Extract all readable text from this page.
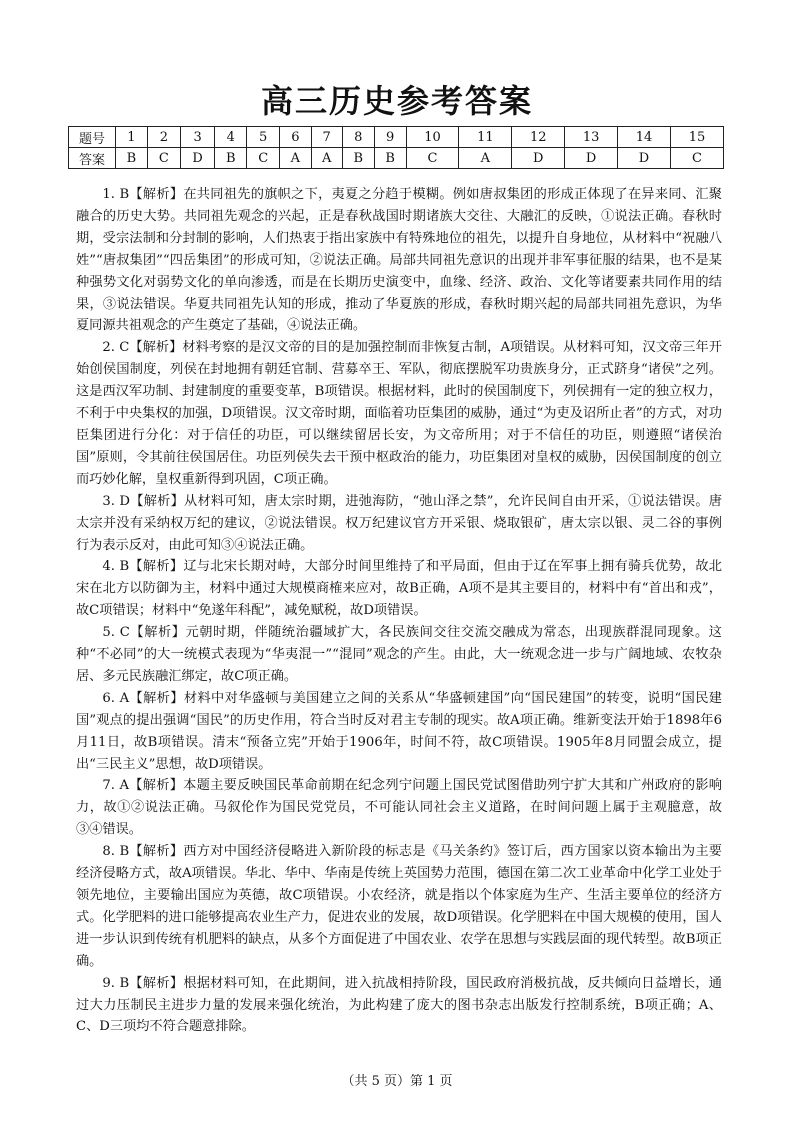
高三历史参考答案
题号	1	2	3	4	5	6	7	8	9	10	11	12	13	14	15
答案	B	C	D	B	C	A	A	B	B	C	A	D	D	D	C

1. B【解析】在共同祖先的旗帜之下，夷夏之分趋于模糊。例如唐叔集团的形成正体现了在异来同、汇聚融合的历史大势。共同祖先观念的兴起，正是春秋战国时期诸族大交往、大融汇的反映，①说法正确。春秋时期，受宗法制和分封制的影响，人们热衷于指出家族中有特殊地位的祖先，以提升自身地位，从材料中“祝融八姓”“唐叔集团”“四岳集团”的形成可知，②说法正确。局部共同祖先意识的出现并非军事征服的结果，也不是某种强势文化对弱势文化的单向渗透，而是在长期历史演变中，血缘、经济、政治、文化等诸要素共同作用的结果，③说法错误。华夏共同祖先认知的形成，推动了华夏族的形成，春秋时期兴起的局部共同祖先意识，为华夏同源共祖观念的产生奠定了基础，④说法正确。

2. C【解析】材料考察的是汉文帝的目的是加强控制而非恢复古制，A项错误。从材料可知，汉文帝三年开始创侯国制度，列侯在封地拥有朝廷官制、营募卒王、军队，彻底摆脱军功贵族身分，正式跻身“诸侯”之列。这是西汉军功制、封建制度的重要变革，B项错误。根据材料，此时的侯国制度下，列侯拥有一定的独立权力，不利于中央集权的加强，D项错误。汉文帝时期，面临着功臣集团的威胁，通过“为吏及诏所止者”的方式，对功臣集团进行分化：对于信任的功臣，可以继续留居长安，为文帝所用；对于不信任的功臣，则遵照“诸侯治国”原则，令其前往侯国居住。功臣列侯失去干预中枢政治的能力，功臣集团对皇权的威胁，因侯国制度的创立而巧妙化解，皇权重新得到巩固，C项正确。

3. D【解析】从材料可知，唐太宗时期，进弛海防，“弛山泽之禁”，允许民间自由开采，①说法错误。唐太宗并没有采纳权万纪的建议，②说法错误。权万纪建议官方开采银、烧取银矿，唐太宗以银、灵二谷的事例行为表示反对，由此可知③④说法正确。

4. B【解析】辽与北宋长期对峙，大部分时间里维持了和平局面，但由于辽在军事上拥有骑兵优势，故北宋在北方以防御为主，材料中通过大规模商榷来应对，故B正确，A项不是其主要目的，材料中有“首出和戎”，故C项错误；材料中“免遂年科配”，减免赋税，故D项错误。

5. C【解析】元朝时期，伴随统治疆域扩大，各民族间交往交流交融成为常态，出现族群混同现象。这种“不必同”的大一统模式表现为“华夷混一”“混同”观念的产生。由此，大一统观念进一步与广阔地域、农牧杂居、多元民族融汇绑定，故C项正确。

6. A【解析】材料中对华盛顿与美国建立之间的关系从“华盛顿建国”向“国民建国”的转变，说明“国民建国”观点的提出强调“国民”的历史作用，符合当时反对君主专制的现实。故A项正确。维新变法开始于1898年6月11日，故B项错误。清末“预备立宪”开始于1906年，时间不符，故C项错误。1905年8月同盟会成立，提出“三民主义”思想，故D项错误。

7. A【解析】本题主要反映国民革命前期在纪念列宁问题上国民党试图借助列宁扩大其和广州政府的影响力，故①②说法正确。马叙伦作为国民党党员，不可能认同社会主义道路，在时间问题上属于主观臆意，故③④错误。

8. B【解析】西方对中国经济侵略进入新阶段的标志是《马关条约》签订后，西方国家以资本输出为主要经济侵略方式，故A项错误。华北、华中、华南是传统上英国势力范围，德国在第二次工业革命中化学工业处于领先地位，主要输出国应为英德，故C项错误。小农经济，就是指以个体家庭为生产、生活主要单位的经济方式。化学肥料的进口能够提高农业生产力，促进农业的发展，故D项错误。化学肥料在中国大规模的使用，国人进一步认识到传统有机肥料的缺点，从多个方面促进了中国农业、农学在思想与实践层面的现代转型。故B项正确。

9. B【解析】根据材料可知，在此期间，进入抗战相持阶段，国民政府消极抗战，反共倾向日益增长，通过大力压制民主进步力量的发展来强化统治，为此构建了庞大的图书杂志出版发行控制系统，B项正确；A、C、D三项均不符合题意排除。

（共 5 页）第 1 页
